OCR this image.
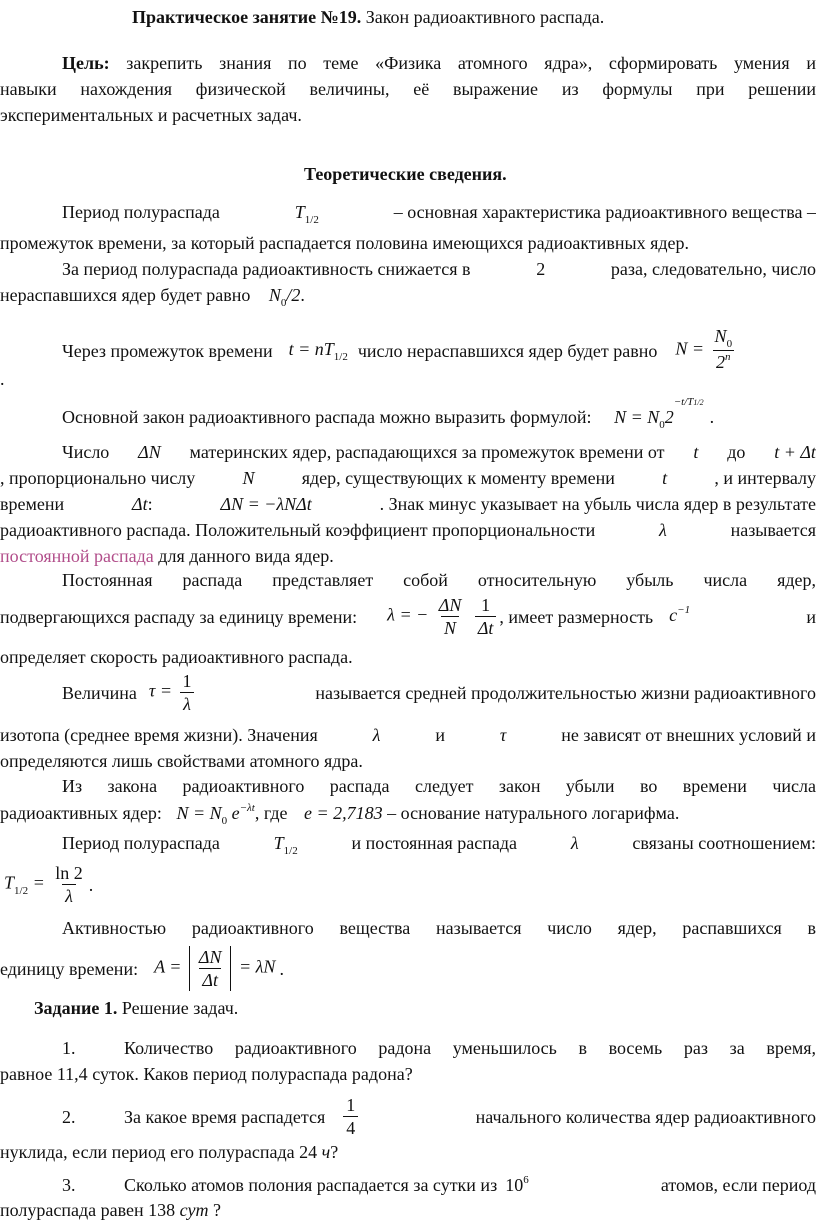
Практическое занятие №19. Закон радиоактивного распада.
Цель: закрепить знания по теме «Физика атомного ядра», сформировать умения и
навыки нахождения физической величины, её выражение из формулы при решении
экспериментальных и расчетных задач.
Теоретические сведения.
Период полураспада	$T_{1/2}$	– основная характеристика радиоактивного вещества –
промежуток времени, за который распадается половина имеющихся радиоактивных ядер.
За период полураспада радиоактивность снижается в	2	раза, следовательно, число
нераспавшихся ядер будет равно $N_0/2$.
Через промежуток времени $t = nT_{1/2}$ число нераспавшихся ядер будет равно $N = \frac{N_0}{2^n}$
.
Основной закон радиоактивного распада можно выразить формулой: $N = N_02^{-t/T1/2}$.
Число ΔN материнских ядер, распадающихся за промежуток времени от t до t + Δt
, пропорционально числу	N	ядер, существующих к моменту времени	t	, и интервалу
времени	Δt:	ΔN = −λNΔt	. Знак минус указывает на убыль числа ядер в результате
радиоактивного распада. Положительный коэффициент пропорциональности	λ	называется
постоянной распада для данного вида ядер.
Постоянная распада представляет собой относительную убыль числа ядер,
подвергающихся распаду за единицу времени: λ = − $\frac{\Delta N}{N}$
$\frac{1}{\Delta t}$ , имеет размерность $c^{-1}$	и
определяет скорость радиоактивного распада.
Величина $\tau = \frac{1}{\lambda}$	называется средней продолжительностью жизни радиоактивного
изотопа (среднее время жизни). Значения	λ	и	τ	не зависят от внешних условий и
определяются лишь свойствами атомного ядра.
Из закона радиоактивного распада следует закон убыли во времени числа
радиоактивных ядер: $N = N_0$ $e^{-\lambda t}$, где e = 2,7183 – основание натурального логарифма.
Период полураспада	$T_{1/2}$	и постоянная распада	λ	связаны соотношением:
$T_{1/2} = \frac{\ln 2}{\lambda}$ .
Активностью радиоактивного вещества называется число ядер, распавшихся в
единицу времени: $A = \frac{\Delta N}{\Delta t} = \lambda N$ .
Задание 1. Решение задач.
1.	Количество радиоактивного радона уменьшилось в восемь раз за время,
равное 11,4 суток. Каков период полураспада радона?
2.	За какое время распадется $\frac{1}{4}$	начального количества ядер радиоактивного
нуклида, если период его полураспада 24 ч?
3.	Сколько атомов полония распадается за сутки из $10^6$	атомов, если период
полураспада равен 138 сут ?
